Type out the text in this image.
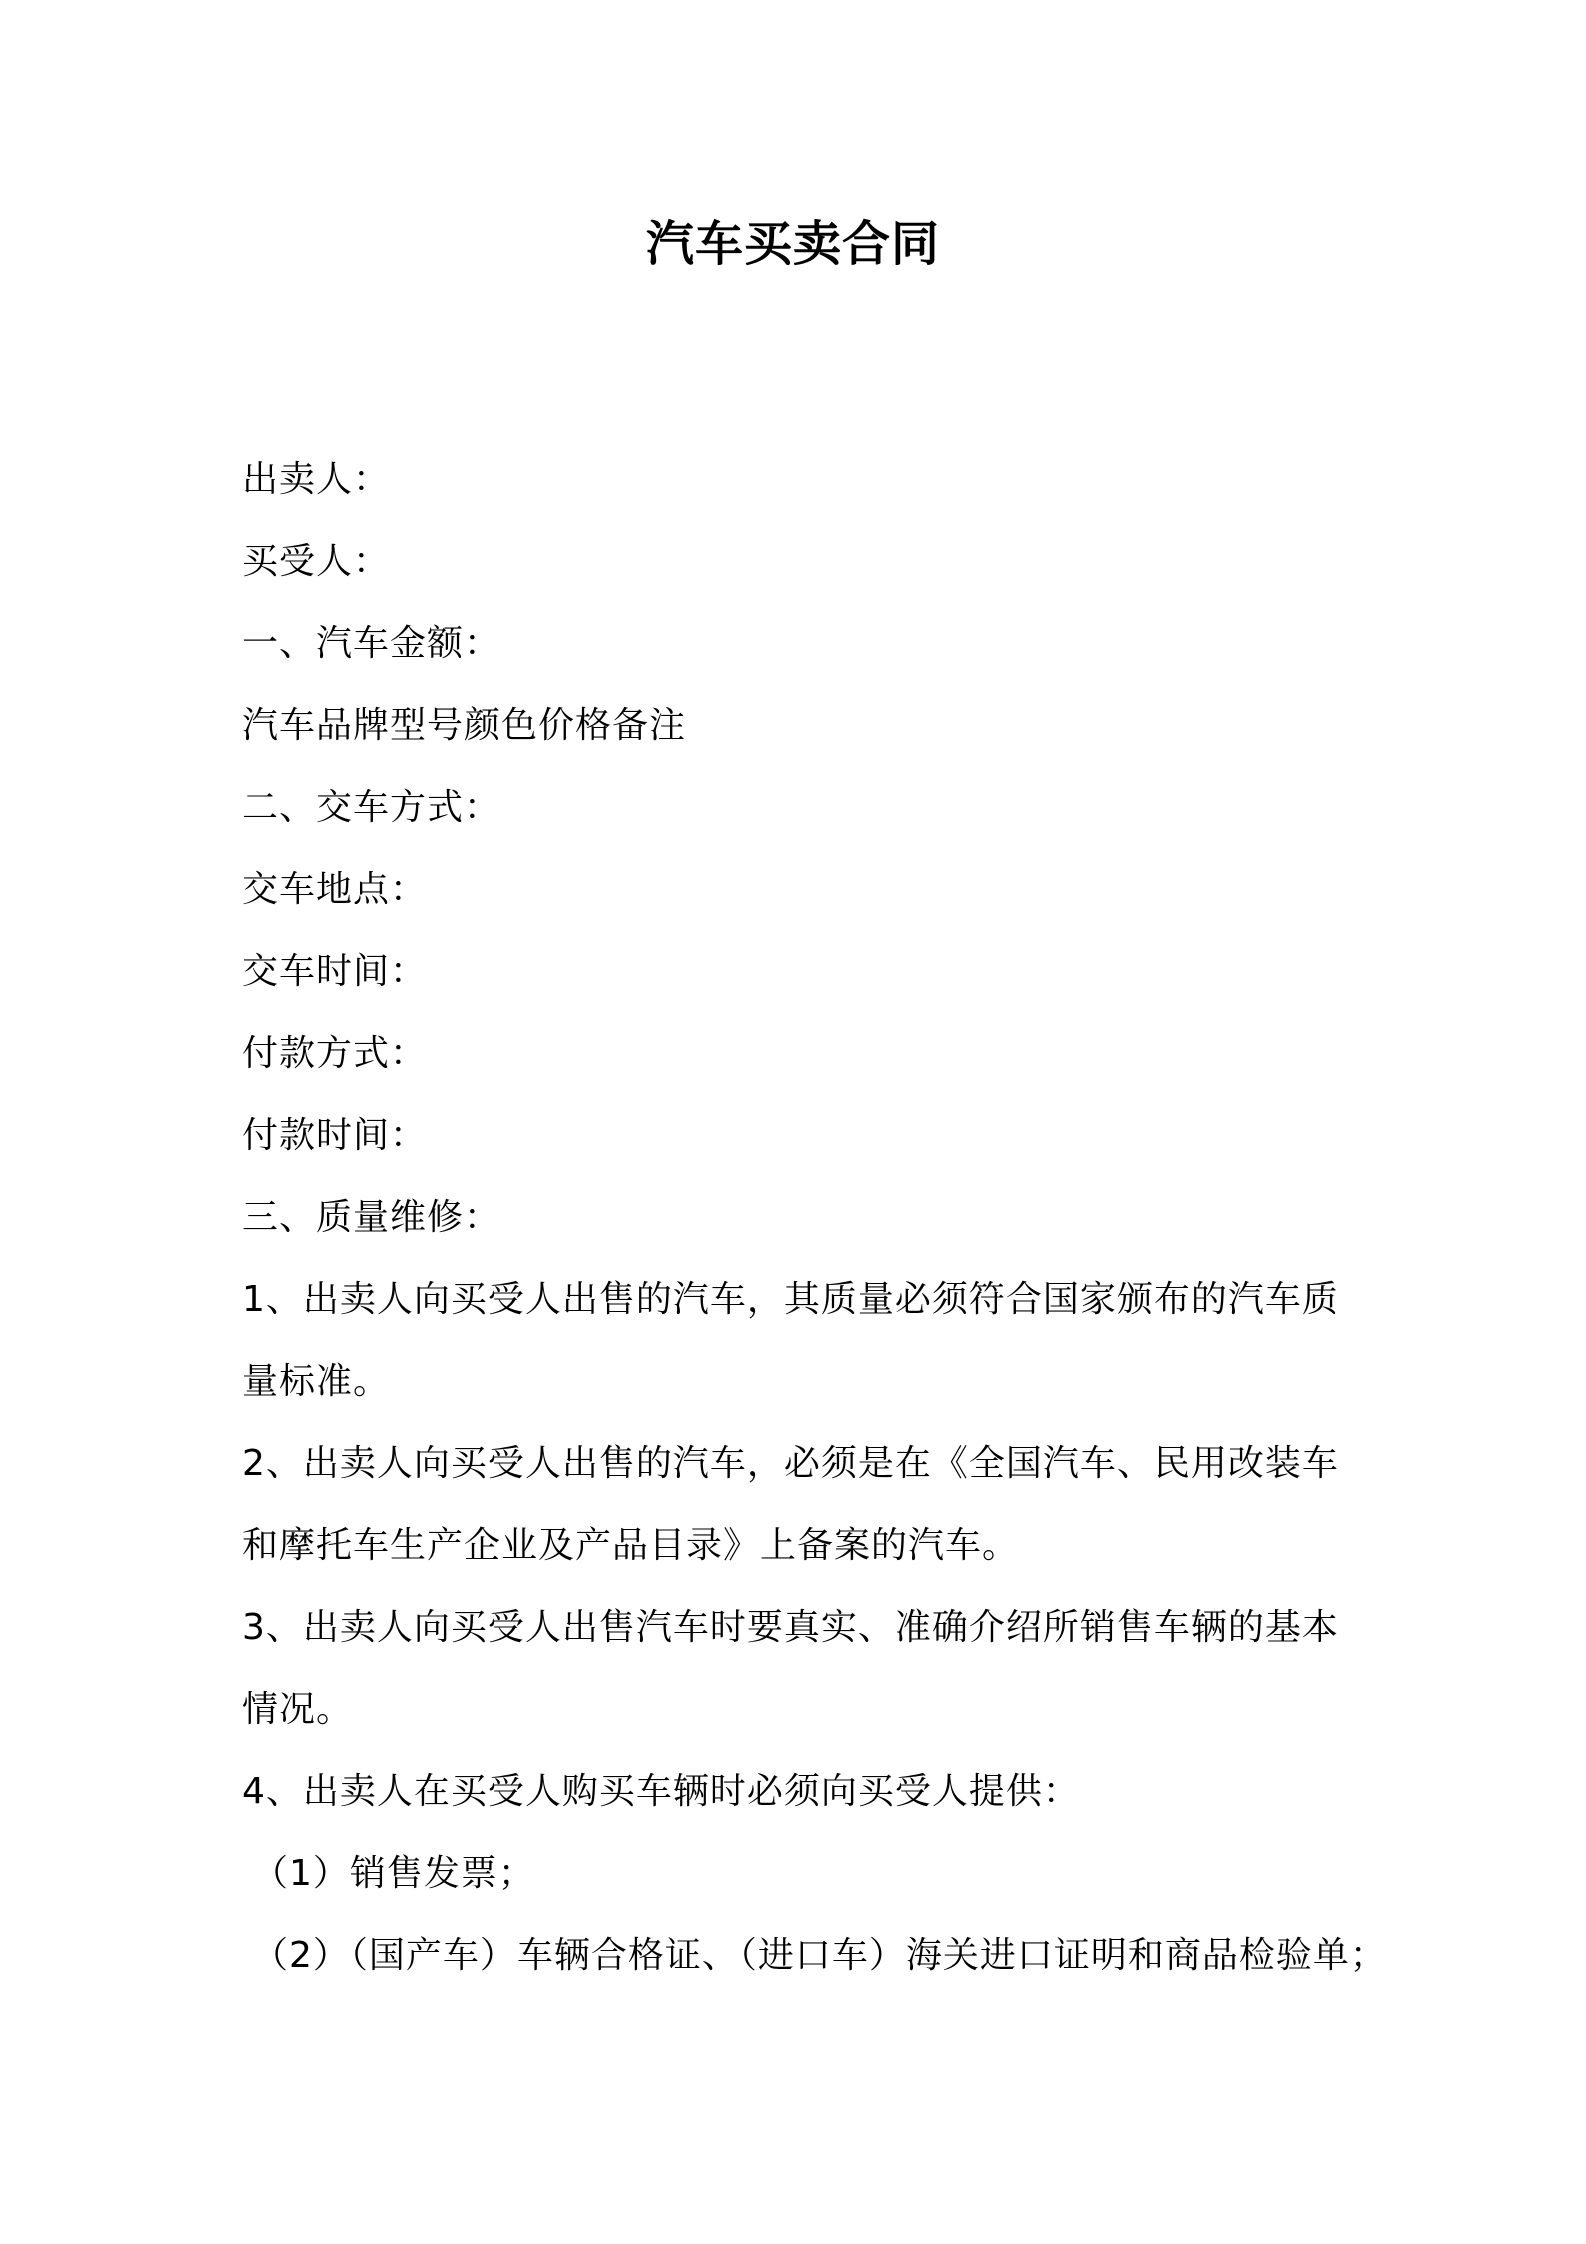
汽车买卖合同

出卖人：

买受人：

一、汽车金额：

汽车品牌型号颜色价格备注

二、交车方式：

交车地点：

交车时间：

付款方式：

付款时间：

三、质量维修：

1、出卖人向买受人出售的汽车，其质量必须符合国家颁布的汽车质

量标准。

2、出卖人向买受人出售的汽车，必须是在《全国汽车、民用改装车

和摩托车生产企业及产品目录》上备案的汽车。

3、出卖人向买受人出售汽车时要真实、准确介绍所销售车辆的基本

情况。

4、出卖人在买受人购买车辆时必须向买受人提供：

（1）销售发票；

（2）（国产车）车辆合格证、（进口车）海关进口证明和商品检验单；
